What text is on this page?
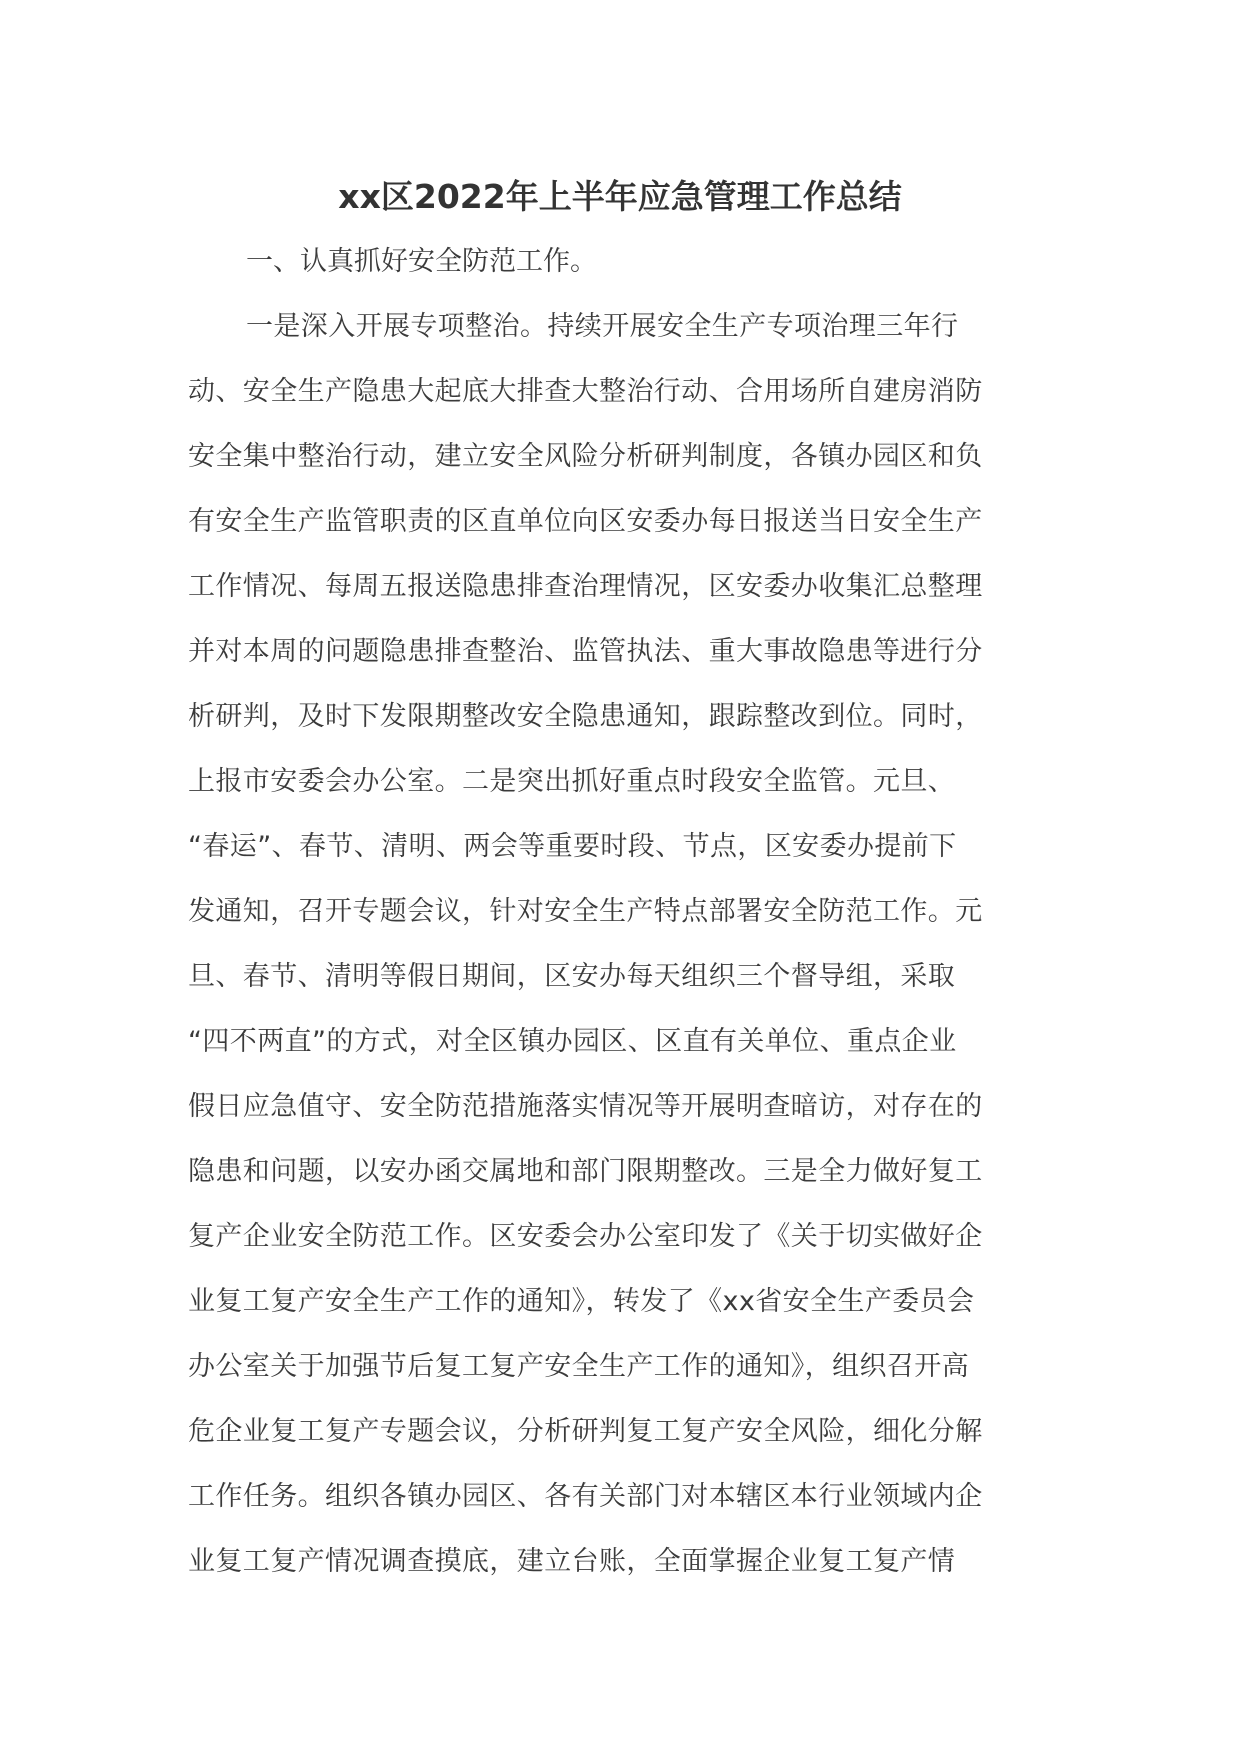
xx区2022年上半年应急管理工作总结

一、认真抓好安全防范工作。

一是深入开展专项整治。持续开展安全生产专项治理三年行
动、安全生产隐患大起底大排查大整治行动、合用场所自建房消防
安全集中整治行动，建立安全风险分析研判制度，各镇办园区和负
有安全生产监管职责的区直单位向区安委办每日报送当日安全生产
工作情况、每周五报送隐患排查治理情况，区安委办收集汇总整理
并对本周的问题隐患排查整治、监管执法、重大事故隐患等进行分
析研判，及时下发限期整改安全隐患通知，跟踪整改到位。同时，
上报市安委会办公室。二是突出抓好重点时段安全监管。元旦、
“春运”、春节、清明、两会等重要时段、节点，区安委办提前下
发通知，召开专题会议，针对安全生产特点部署安全防范工作。元
旦、春节、清明等假日期间，区安办每天组织三个督导组，采取
“四不两直”的方式，对全区镇办园区、区直有关单位、重点企业
假日应急值守、安全防范措施落实情况等开展明查暗访，对存在的
隐患和问题，以安办函交属地和部门限期整改。三是全力做好复工
复产企业安全防范工作。区安委会办公室印发了《关于切实做好企
业复工复产安全生产工作的通知》，转发了《xx省安全生产委员会
办公室关于加强节后复工复产安全生产工作的通知》，组织召开高
危企业复工复产专题会议，分析研判复工复产安全风险，细化分解
工作任务。组织各镇办园区、各有关部门对本辖区本行业领域内企
业复工复产情况调查摸底，建立台账，全面掌握企业复工复产情
